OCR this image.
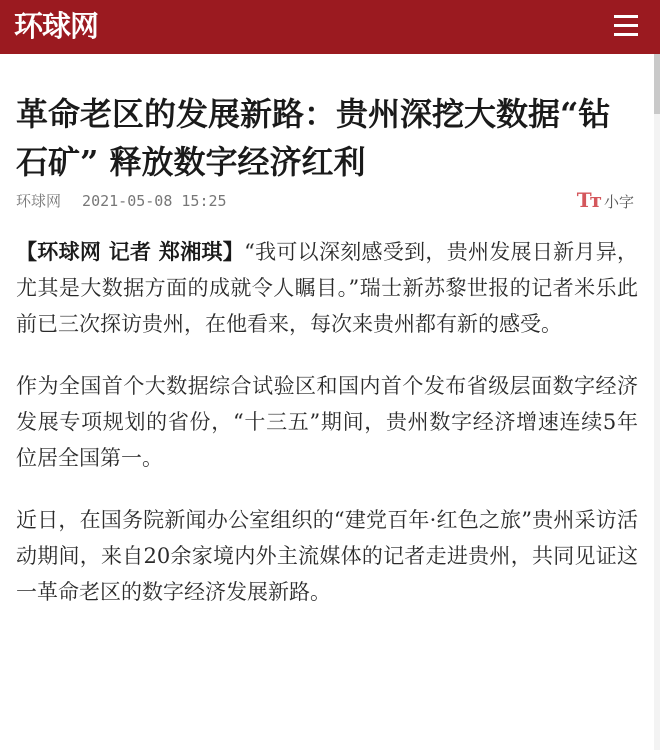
环球网
革命老区的发展新路：贵州深挖大数据“钻石矿” 释放数字经济红利
环球网 2021-05-08 15:25	Tт 小字

【环球网 记者 郑湘琪】“我可以深刻感受到，贵州发展日新月异，尤其是大数据方面的成就令人瞩目。”瑞士新苏黎世报的记者米乐此前已三次探访贵州，在他看来，每次来贵州都有新的感受。

作为全国首个大数据综合试验区和国内首个发布省级层面数字经济发展专项规划的省份，“十三五”期间，贵州数字经济增速连续5年位居全国第一。

近日，在国务院新闻办公室组织的“建党百年·红色之旅”贵州采访活动期间，来自20余家境内外主流媒体的记者走进贵州，共同见证这一革命老区的数字经济发展新路。
